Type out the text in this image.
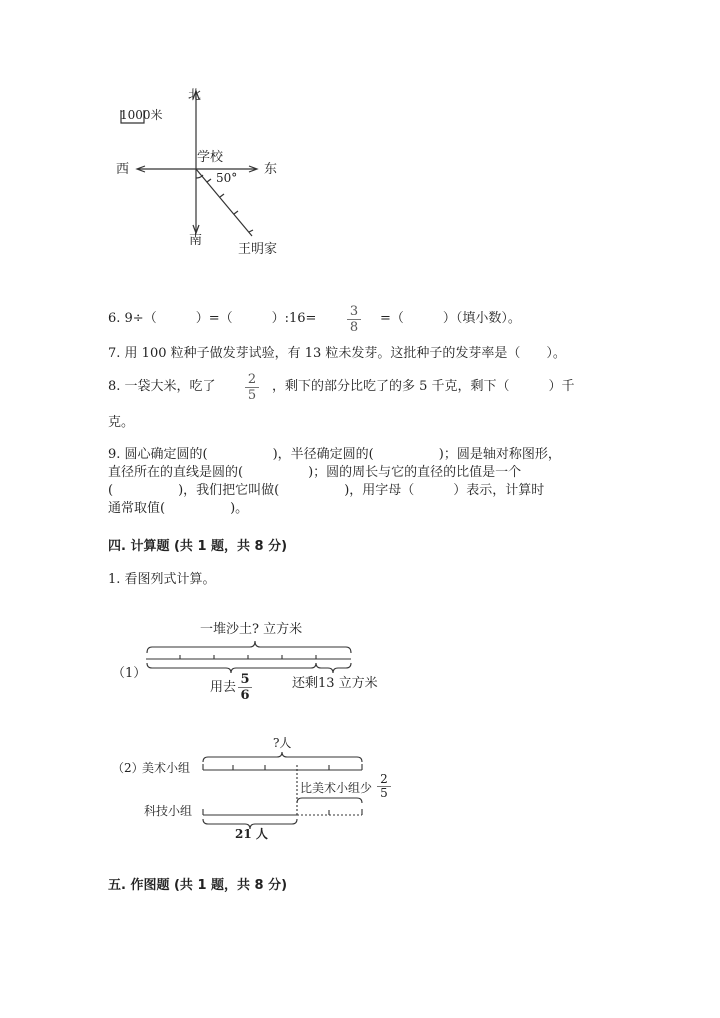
北
南
西	东
学校
50°
王明家
1000米
6. 9÷（　　　）=（　　　）:16= $\frac{3}{8}$ =（　　　）（填小数）。
7. 用 100 粒种子做发芽试验，有 13 粒未发芽。这批种子的发芽率是（　　）。
8. 一袋大米，吃了 $\frac{2}{5}$ ，剩下的部分比吃了的多 5 千克，剩下（　　　）千
克。
9. 圆心确定圆的(　　　　　)，半径确定圆的(　　　　　)；圆是轴对称图形，
直径所在的直线是圆的(　　　　　)；圆的周长与它的直径的比值是一个
(　　　　　)，我们把它叫做(　　　　　)，用字母（　　　）表示，计算时
通常取值(　　　　　)。
四. 计算题 (共 1 题，共 8 分)
1. 看图列式计算。
一堆沙土? 立方米
（1）
用去 $\frac{5}{6}$	还剩13 立方米
?人
（2）
美术小组
比美术小组少 $\frac{2}{5}$
科技小组
21 人
五. 作图题 (共 1 题，共 8 分)
